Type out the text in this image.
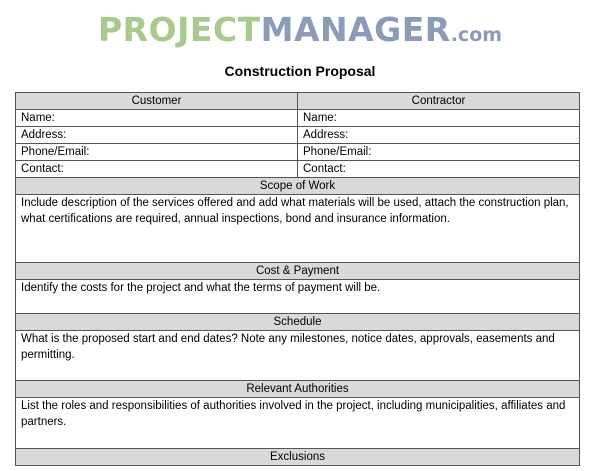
PROJECTMANAGER.com
Construction Proposal
Customer	Contractor
Name:	Name:
Address:	Address:
Phone/Email:	Phone/Email:
Contact:	Contact:
Scope of Work	
Include description of the services offered and add what materials will be used, attach the construction plan, what certifications are required, annual inspections, bond and insurance information.	
Cost & Payment	
Identify the costs for the project and what the terms of payment will be.	
Schedule	
What is the proposed start and end dates? Note any milestones, notice dates, approvals, easements and permitting.	
Relevant Authorities	
List the roles and responsibilities of authorities involved in the project, including municipalities, affiliates and partners.	
Exclusions	
